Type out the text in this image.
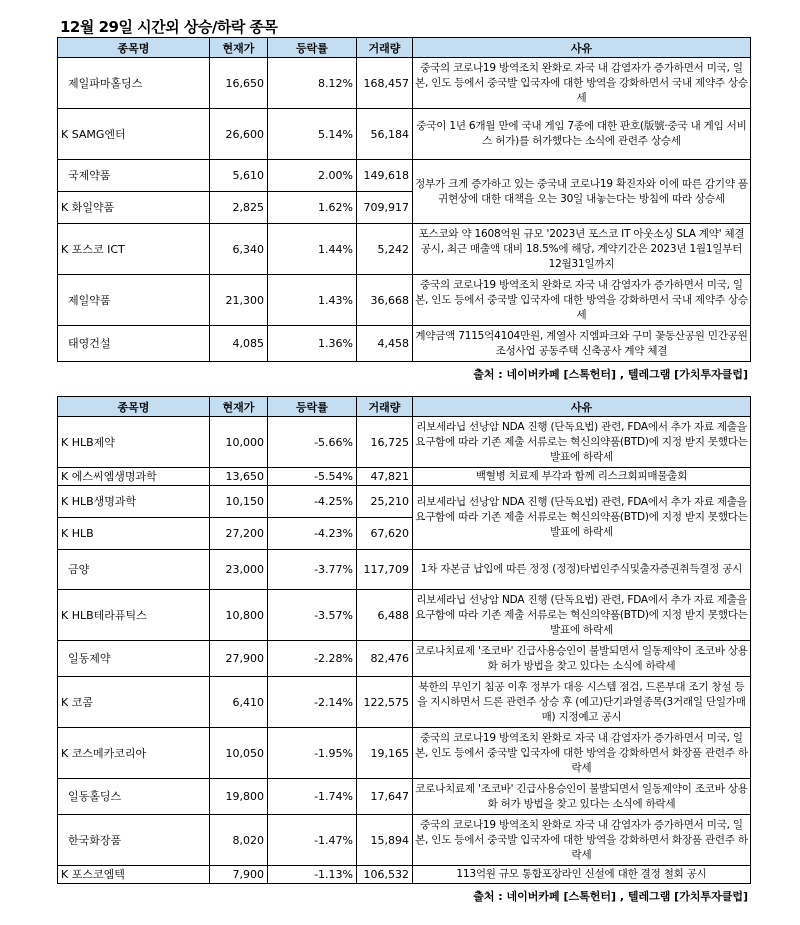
12월 29일 시간외 상승/하락 종목
종목명	현재가	등락률	거래량	사유
제일파마홀딩스	16,650	8.12%	168,457	중국의 코로나19 방역조치 완화로 자국 내 감염자가 증가하면서 미국, 일본, 인도 등에서 중국발 입국자에 대한 방역을 강화하면서 국내 제약주 상승세
K SAMG엔터	26,600	5.14%	56,184	중국이 1년 6개월 만에 국내 게임 7종에 대한 판호(版號·중국 내 게임 서비스 허가)를 허가했다는 소식에 관련주 상승세
국제약품	5,610	2.00%	149,618	정부가 크게 증가하고 있는 중국내 코로나19 확진자와 이에 따른 감기약 품귀현상에 대한 대책을 오는 30일 내놓는다는 방침에 따라 상승세
K 화일약품	2,825	1.62%	709,917	
K 포스코 ICT	6,340	1.44%	5,242	포스코와 약 1608억원 규모 '2023년 포스코 IT 아웃소싱 SLA 계약' 체결 공시, 최근 매출액 대비 18.5%에 해당, 계약기간은 2023년 1월1일부터 12월31일까지
제일약품	21,300	1.43%	36,668	중국의 코로나19 방역조치 완화로 자국 내 감염자가 증가하면서 미국, 일본, 인도 등에서 중국발 입국자에 대한 방역을 강화하면서 국내 제약주 상승세
태영건설	4,085	1.36%	4,458	계약금액 7115억4104만원, 계열사 지엠파크와 구미 꽃동산공원 민간공원조성사업 공동주택 신축공사 계약 체결
출처 : 네이버카페 [스톡헌터] , 텔레그램 [가치투자클럽]
종목명	현재가	등락률	거래량	사유
K HLB제약	10,000	-5.66%	16,725	리보세라닙 선낭암 NDA 진행 (단독요법) 관련, FDA에서 추가 자료 제출을 요구함에 따라 기존 제출 서류로는 혁신의약품(BTD)에 지정 받지 못했다는 발표에 하락세
K 에스씨엠생명과학	13,650	-5.54%	47,821	백혈병 치료제 부각과 함께 리스크회피매물출회
K HLB생명과학	10,150	-4.25%	25,210	리보세라닙 선낭암 NDA 진행 (단독요법) 관련, FDA에서 추가 자료 제출을 요구함에 따라 기존 제출 서류로는 혁신의약품(BTD)에 지정 받지 못했다는 발표에 하락세
K HLB	27,200	-4.23%	67,620	
금양	23,000	-3.77%	117,709	1차 자본금 납입에 따른 정정 (정정)타법인주식및출자증권취득결정 공시
K HLB테라퓨틱스	10,800	-3.57%	6,488	리보세라닙 선낭암 NDA 진행 (단독요법) 관련, FDA에서 추가 자료 제출을 요구함에 따라 기존 제출 서류로는 혁신의약품(BTD)에 지정 받지 못했다는 발표에 하락세
일동제약	27,900	-2.28%	82,476	코로나치료제 '조코바' 긴급사용승인이 불발되면서 일동제약이 조코바 상용화 허가 방법을 찾고 있다는 소식에 하락세
K 코콤	6,410	-2.14%	122,575	북한의 무인기 침공 이후 정부가 대응 시스템 점검, 드론부대 조기 창설 등을 지시하면서 드론 관련주 상승 후 (예고)단기과열종목(3거래일 단일가매매) 지정예고 공시
K 코스메카코리아	10,050	-1.95%	19,165	중국의 코로나19 방역조치 완화로 자국 내 감염자가 증가하면서 미국, 일본, 인도 등에서 중국발 입국자에 대한 방역을 강화하면서 화장품 관련주 하락세
일동홀딩스	19,800	-1.74%	17,647	코로나치료제 '조코바' 긴급사용승인이 불발되면서 일동제약이 조코바 상용화 허가 방법을 찾고 있다는 소식에 하락세
한국화장품	8,020	-1.47%	15,894	중국의 코로나19 방역조치 완화로 자국 내 감염자가 증가하면서 미국, 일본, 인도 등에서 중국발 입국자에 대한 방역을 강화하면서 화장품 관련주 하락세
K 포스코엠텍	7,900	-1.13%	106,532	113억원 규모 통합포장라인 신설에 대한 결정 철회 공시
출처 : 네이버카페 [스톡헌터] , 텔레그램 [가치투자클럽]
